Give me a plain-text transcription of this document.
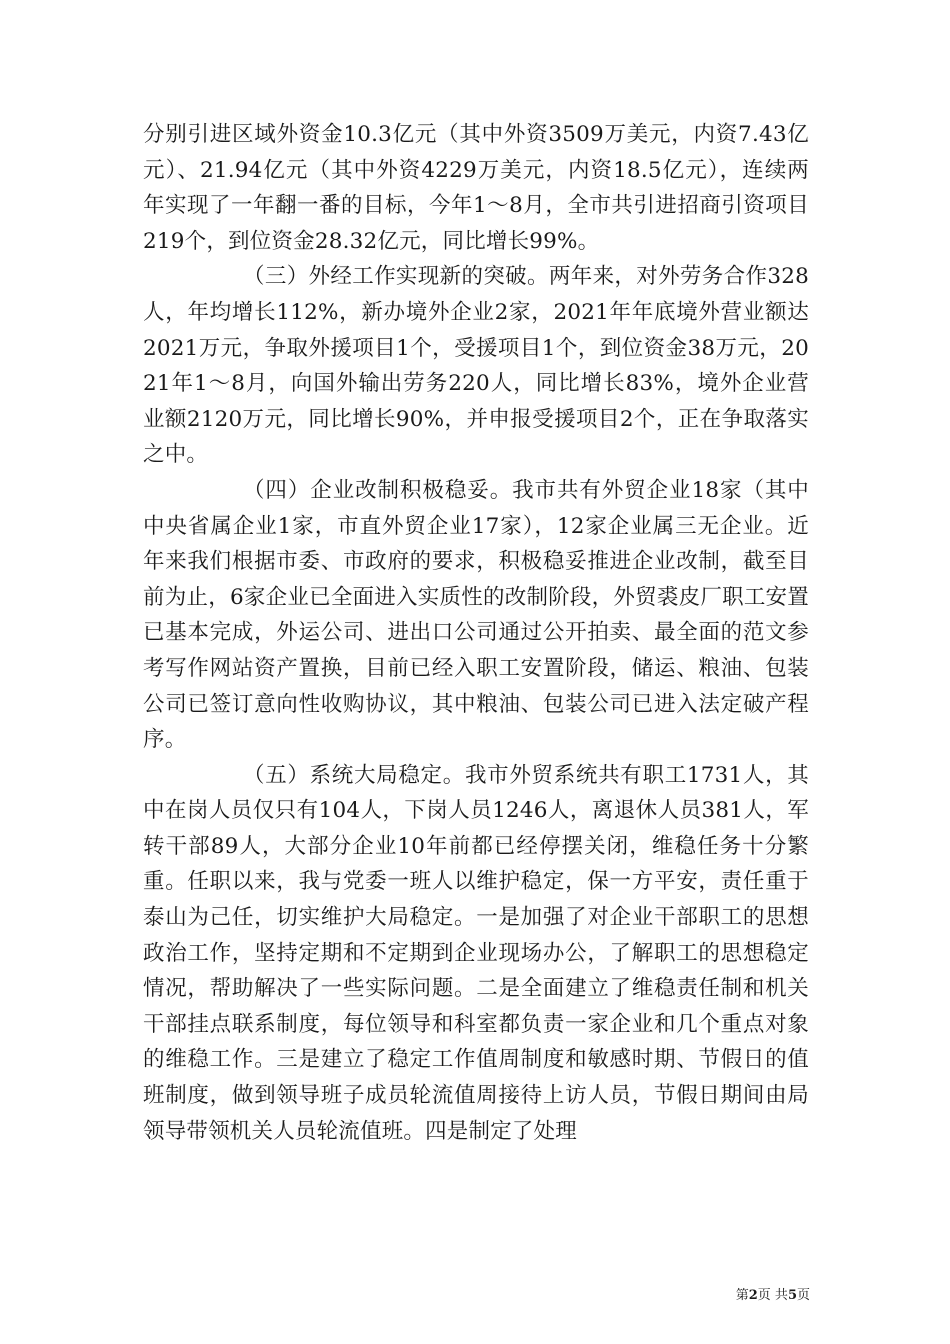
分别引进区域外资金10.3亿元（其中外资3509万美元，内资7.43亿元）、21.94亿元（其中外资4229万美元，内资18.5亿元），连续两年实现了一年翻一番的目标，今年1～8月，全市共引进招商引资项目219个，到位资金28.32亿元，同比增长99%。

（三）外经工作实现新的突破。两年来，对外劳务合作328人，年均增长112%，新办境外企业2家，2021年年底境外营业额达2021万元，争取外援项目1个，受援项目1个，到位资金38万元，2021年1～8月，向国外输出劳务220人，同比增长83%，境外企业营业额2120万元，同比增长90%，并申报受援项目2个，正在争取落实之中。

（四）企业改制积极稳妥。我市共有外贸企业18家（其中中央省属企业1家，市直外贸企业17家），12家企业属三无企业。近年来我们根据市委、市政府的要求，积极稳妥推进企业改制，截至目前为止，6家企业已全面进入实质性的改制阶段，外贸裘皮厂职工安置已基本完成，外运公司、进出口公司通过公开拍卖、最全面的范文参考写作网站资产置换，目前已经入职工安置阶段，储运、粮油、包装公司已签订意向性收购协议，其中粮油、包装公司已进入法定破产程序。

（五）系统大局稳定。我市外贸系统共有职工1731人，其中在岗人员仅只有104人，下岗人员1246人，离退休人员381人，军转干部89人，大部分企业10年前都已经停摆关闭，维稳任务十分繁重。任职以来，我与党委一班人以维护稳定，保一方平安，责任重于泰山为己任，切实维护大局稳定。一是加强了对企业干部职工的思想政治工作，坚持定期和不定期到企业现场办公，了解职工的思想稳定情况，帮助解决了一些实际问题。二是全面建立了维稳责任制和机关干部挂点联系制度，每位领导和科室都负责一家企业和几个重点对象的维稳工作。三是建立了稳定工作值周制度和敏感时期、节假日的值班制度，做到领导班子成员轮流值周接待上访人员，节假日期间由局领导带领机关人员轮流值班。四是制定了处理

第2页 共5页
